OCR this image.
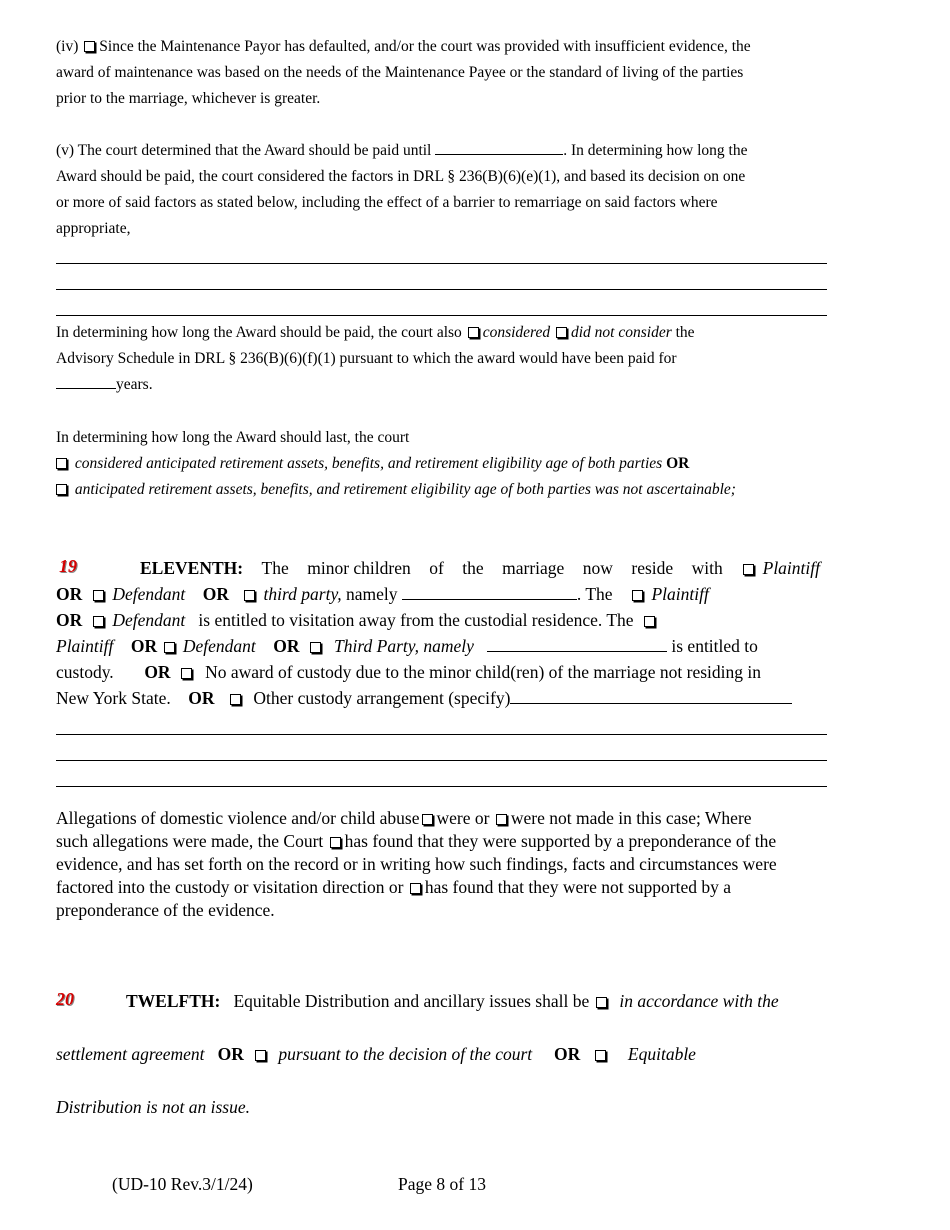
(iv) Since the Maintenance Payor has defaulted, and/or the court was provided with insufficient evidence, the
award of maintenance was based on the needs of the Maintenance Payee or the standard of living of the parties
prior to the marriage, whichever is greater.
(v) The court determined that the Award should be paid until	. In determining how long the
Award should be paid, the court considered the factors in DRL § 236(B)(6)(e)(1), and based its decision on one
or more of said factors as stated below, including the effect of a barrier to remarriage on said factors where
appropriate,
In determining how long the Award should be paid, the court also considered did not consider the
Advisory Schedule in DRL § 236(B)(6)(f)(1) pursuant to which the award would have been paid for
years.
In determining how long the Award should last, the court
considered anticipated retirement assets, benefits, and retirement eligibility age of both parties OR
anticipated retirement assets, benefits, and retirement eligibility age of both parties was not ascertainable;
19	ELEVENTH: The minor children of the marriage now reside with	Plaintiff
OR Defendant OR third party, namely	. The Plaintiff
OR Defendant is entitled to visitation away from the custodial residence. The
Plaintiff OR Defendant OR Third Party, namely	is entitled to
custody. OR No award of custody due to the minor child(ren) of the marriage not residing in
New York State. OR Other custody arrangement (specify)
Allegations of domestic violence and/or child abuse were or were not made in this case; Where
such allegations were made, the Court has found that they were supported by a preponderance of the
evidence, and has set forth on the record or in writing how such findings, facts and circumstances were
factored into the custody or visitation direction or has found that they were not supported by a
preponderance of the evidence.
20	TWELFTH: Equitable Distribution and ancillary issues shall be in accordance with the
settlement agreement OR pursuant to the decision of the court OR	Equitable
Distribution is not an issue.
(UD-10 Rev.3/1/24)	Page 8 of 13
